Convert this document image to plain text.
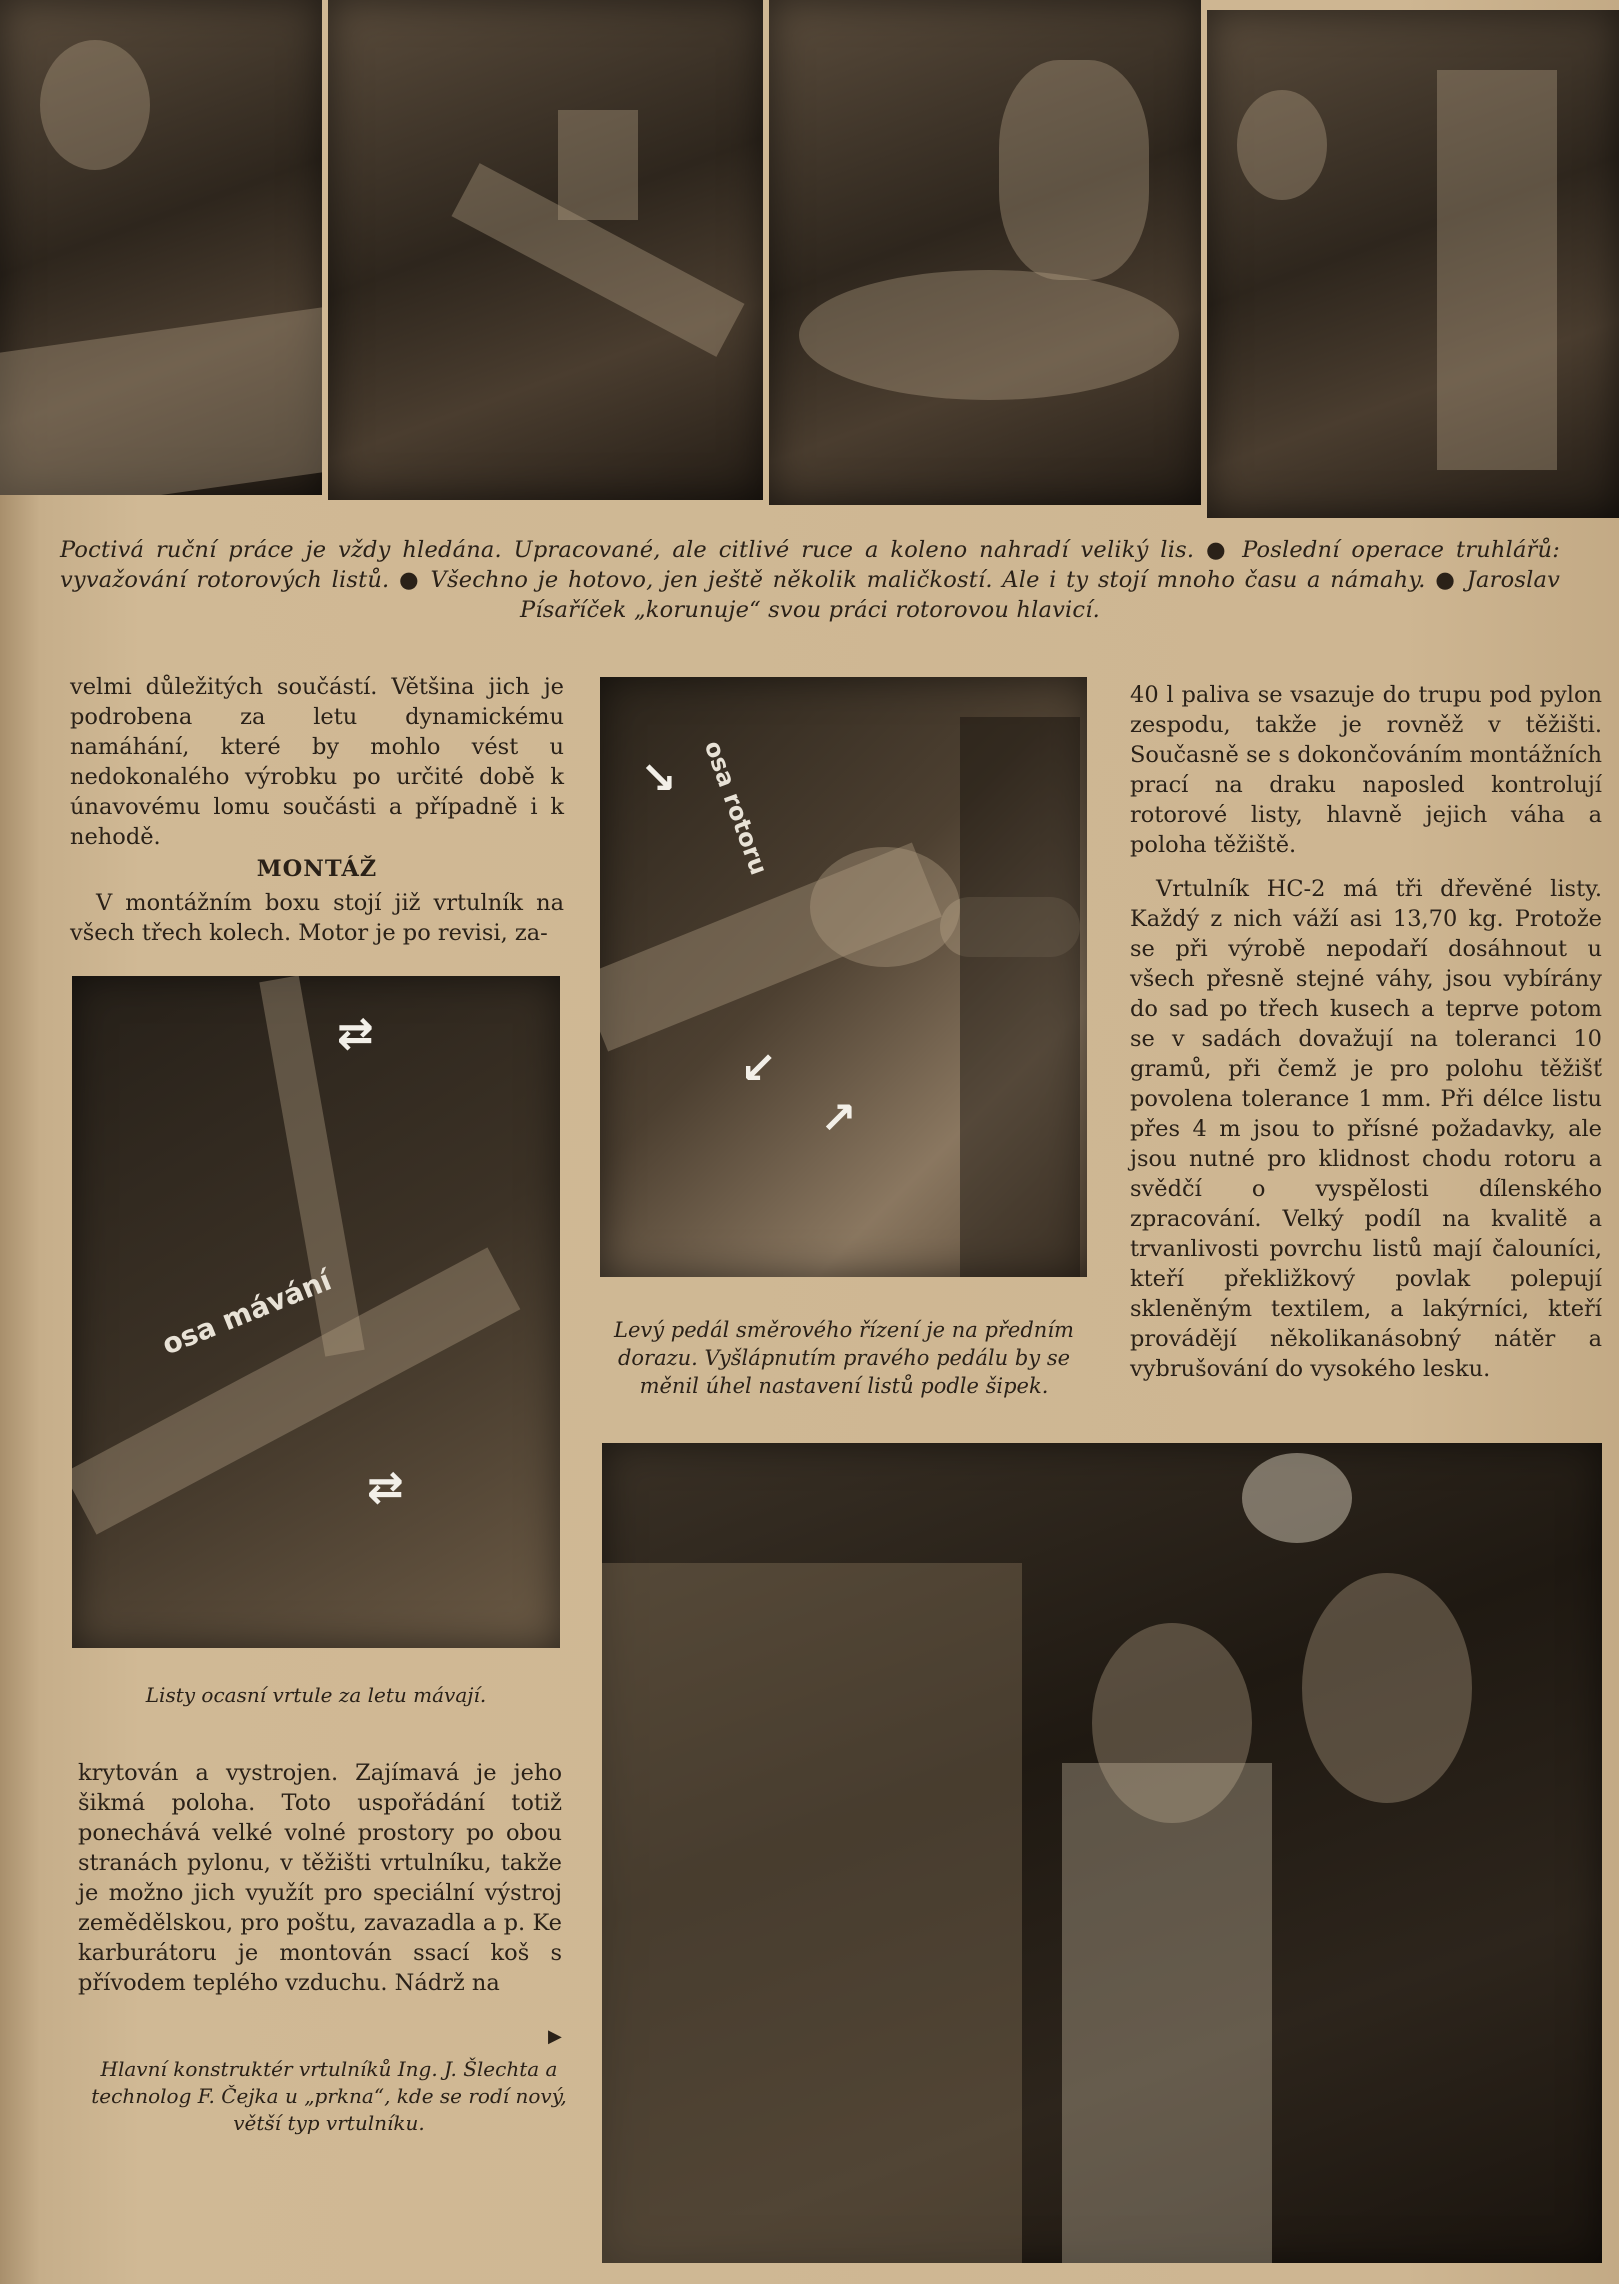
Poctivá ruční práce je vždy hledána. Upracované, ale citlivé ruce a koleno nahradí veliký lis. ● Poslední operace truhlářů: vyvažování rotorových listů. ● Všechno je hotovo, jen ještě několik maličkostí. Ale i ty stojí mnoho času a námahy. ● Jaroslav Písaříček „korunuje“ svou práci rotorovou hlavicí.

velmi důležitých součástí. Většina jich je podrobena za letu dynamickému namáhání, které by mohlo vést u nedokonalého výrobku po určité době k únavovému lomu součásti a případně i k nehodě.

MONTÁŽ

V montážním boxu stojí již vrtulník na všech třech kolech. Motor je po revisi, za-

osa mávání
⇄
⇄
Listy ocasní vrtule za letu mávají.

krytován a vystrojen. Zajímavá je jeho šikmá poloha. Toto uspořádání totiž ponechává velké volné prostory po obou stranách pylonu, v těžišti vrtulníku, takže je možno jich využít pro speciální výstroj zemědělskou, pro poštu, zavazadla a p. Ke karburátoru je montován ssací koš s přívodem teplého vzduchu. Nádrž na

▶
Hlavní konstruktér vrtulníků Ing. J. Šlechta a technolog F. Čejka u „prkna“, kde se rodí nový, větší typ vrtulníku.
osa rotoru
↘
↙
↗
Levý pedál směrového řízení je na předním dorazu. Vyšlápnutím pravého pedálu by se měnil úhel nastavení listů podle šipek.

40 l paliva se vsazuje do trupu pod pylon zespodu, takže je rovněž v těžišti. Současně se s dokončováním montážních prací na draku naposled kontrolují rotorové listy, hlavně jejich váha a poloha těžiště.

Vrtulník HC-2 má tři dřevěné listy. Každý z nich váží asi 13,70 kg. Protože se při výrobě nepodaří dosáhnout u všech přesně stejné váhy, jsou vybírány do sad po třech kusech a teprve potom se v sadách dovažují na toleranci 10 gramů, při čemž je pro polohu těžišť povolena tolerance 1 mm. Při délce listu přes 4 m jsou to přísné požadavky, ale jsou nutné pro klidnost chodu rotoru a svědčí o vyspělosti dílenského zpracování. Velký podíl na kvalitě a trvanlivosti povrchu listů mají čalouníci, kteří překližkový povlak polepují skleněným textilem, a lakýrníci, kteří provádějí několikanásobný nátěr a vybrušování do vysokého lesku.
